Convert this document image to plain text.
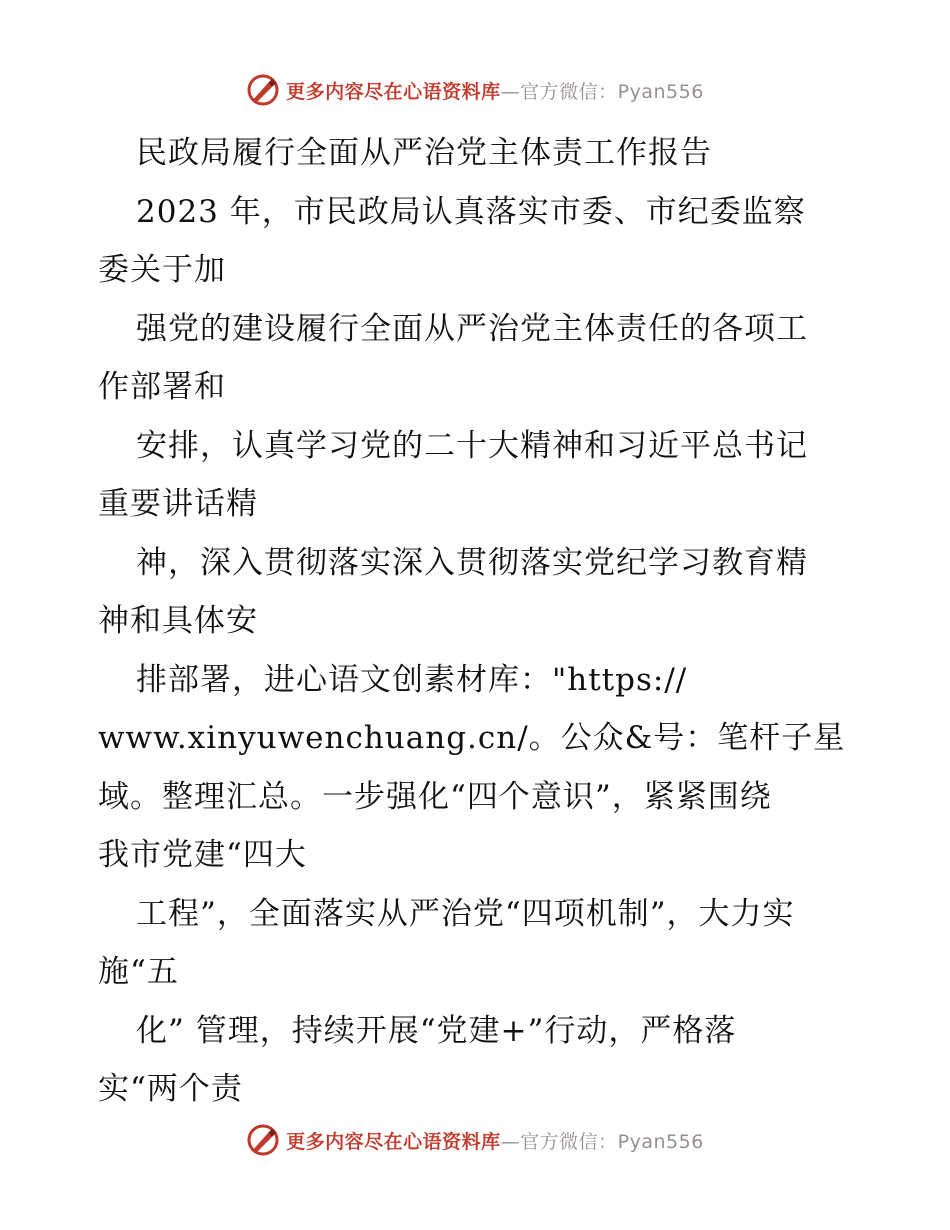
更多内容尽在心语资料库—官方微信：Pyan556
民政局履行全面从严治党主体责工作报告
2023 年，市民政局认真落实市委、市纪委监察
委关于加
强党的建设履行全面从严治党主体责任的各项工
作部署和
安排，认真学习党的二十大精神和习近平总书记
重要讲话精
神，深入贯彻落实深入贯彻落实党纪学习教育精
神和具体安
排部署，进心语文创素材库："https://
www.xinyuwenchuang.cn/。公众&号：笔杆子星
域。整理汇总。一步强化“四个意识”，紧紧围绕
我市党建“四大
工程”，全面落实从严治党“四项机制”，大力实
施“五
化” 管理，持续开展“党建+”行动，严格落
实“两个责
更多内容尽在心语资料库—官方微信：Pyan556
